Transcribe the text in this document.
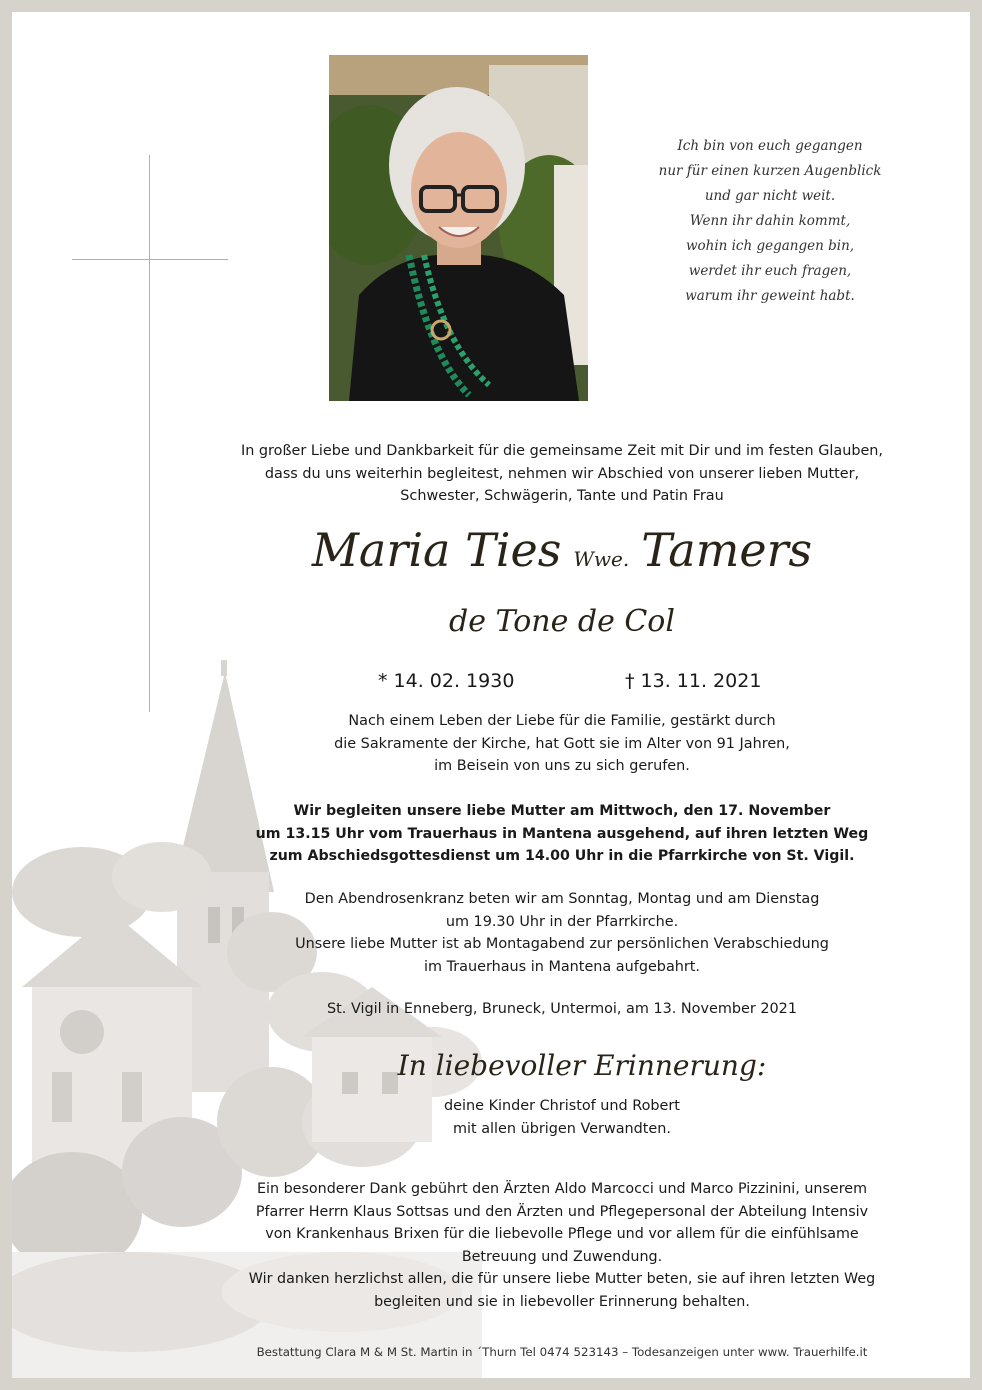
Ich bin von euch gegangen
nur für einen kurzen Augenblick
und gar nicht weit.
Wenn ihr dahin kommt,
wohin ich gegangen bin,
werdet ihr euch fragen,
warum ihr geweint habt.
In großer Liebe und Dankbarkeit für die gemeinsame Zeit mit Dir und im festen Glauben,
dass du uns weiterhin begleitest, nehmen wir Abschied von unserer lieben Mutter,
Schwester, Schwägerin, Tante und Patin Frau
Maria Ties Wwe. Tamers
de Tone de Col
* 14. 02. 1930	† 13. 11. 2021
Nach einem Leben der Liebe für die Familie, gestärkt durch
die Sakramente der Kirche, hat Gott sie im Alter von 91 Jahren,
im Beisein von uns zu sich gerufen.
Wir begleiten unsere liebe Mutter am Mittwoch, den 17. November
um 13.15 Uhr vom Trauerhaus in Mantena ausgehend, auf ihren letzten Weg
zum Abschiedsgottesdienst um 14.00 Uhr in die Pfarrkirche von St. Vigil.
Den Abendrosenkranz beten wir am Sonntag, Montag und am Dienstag
um 19.30 Uhr in der Pfarrkirche.
Unsere liebe Mutter ist ab Montagabend zur persönlichen Verabschiedung
im Trauerhaus in Mantena aufgebahrt.
St. Vigil in Enneberg, Bruneck, Untermoi, am 13. November 2021
In liebevoller Erinnerung:
deine Kinder Christof und Robert
mit allen übrigen Verwandten.
Ein besonderer Dank gebührt den Ärzten Aldo Marcocci und Marco Pizzinini, unserem
Pfarrer Herrn Klaus Sottsas und den Ärzten und Pflegepersonal der Abteilung Intensiv
von Krankenhaus Brixen für die liebevolle Pflege und vor allem für die einfühlsame
Betreuung und Zuwendung.
Wir danken herzlichst allen, die für unsere liebe Mutter beten, sie auf ihren letzten Weg
begleiten und sie in liebevoller Erinnerung behalten.
Bestattung Clara M & M St. Martin in ´Thurn Tel 0474 523143 – Todesanzeigen unter www. Trauerhilfe.it
